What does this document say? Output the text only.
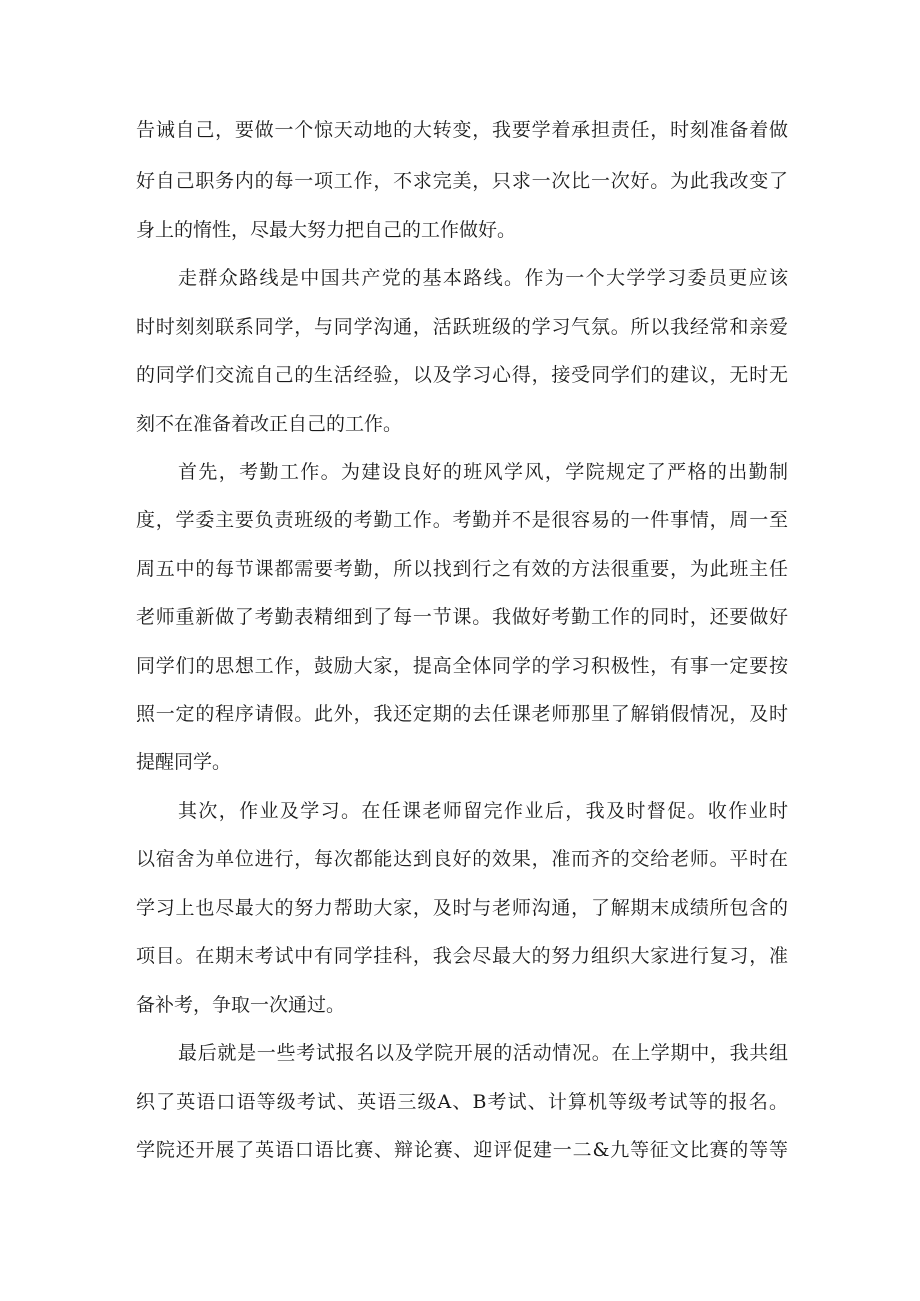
告诫自己，要做一个惊天动地的大转变，我要学着承担责任，时刻准备着做

好自己职务内的每一项工作，不求完美，只求一次比一次好。为此我改变了

身上的惰性，尽最大努力把自己的工作做好。

走群众路线是中国共产党的基本路线。作为一个大学学习委员更应该

时时刻刻联系同学，与同学沟通，活跃班级的学习气氛。所以我经常和亲爱

的同学们交流自己的生活经验，以及学习心得，接受同学们的建议，无时无

刻不在准备着改正自己的工作。

首先，考勤工作。为建设良好的班风学风，学院规定了严格的出勤制

度，学委主要负责班级的考勤工作。考勤并不是很容易的一件事情，周一至

周五中的每节课都需要考勤，所以找到行之有效的方法很重要，为此班主任

老师重新做了考勤表精细到了每一节课。我做好考勤工作的同时，还要做好

同学们的思想工作，鼓励大家，提高全体同学的学习积极性，有事一定要按

照一定的程序请假。此外，我还定期的去任课老师那里了解销假情况，及时

提醒同学。

其次，作业及学习。在任课老师留完作业后，我及时督促。收作业时

以宿舍为单位进行，每次都能达到良好的效果，准而齐的交给老师。平时在

学习上也尽最大的努力帮助大家，及时与老师沟通，了解期末成绩所包含的

项目。在期末考试中有同学挂科，我会尽最大的努力组织大家进行复习，准

备补考，争取一次通过。

最后就是一些考试报名以及学院开展的活动情况。在上学期中，我共组

织了英语口语等级考试、英语三级A、B考试、计算机等级考试等的报名。

学院还开展了英语口语比赛、辩论赛、迎评促建一二&九等征文比赛的等等
